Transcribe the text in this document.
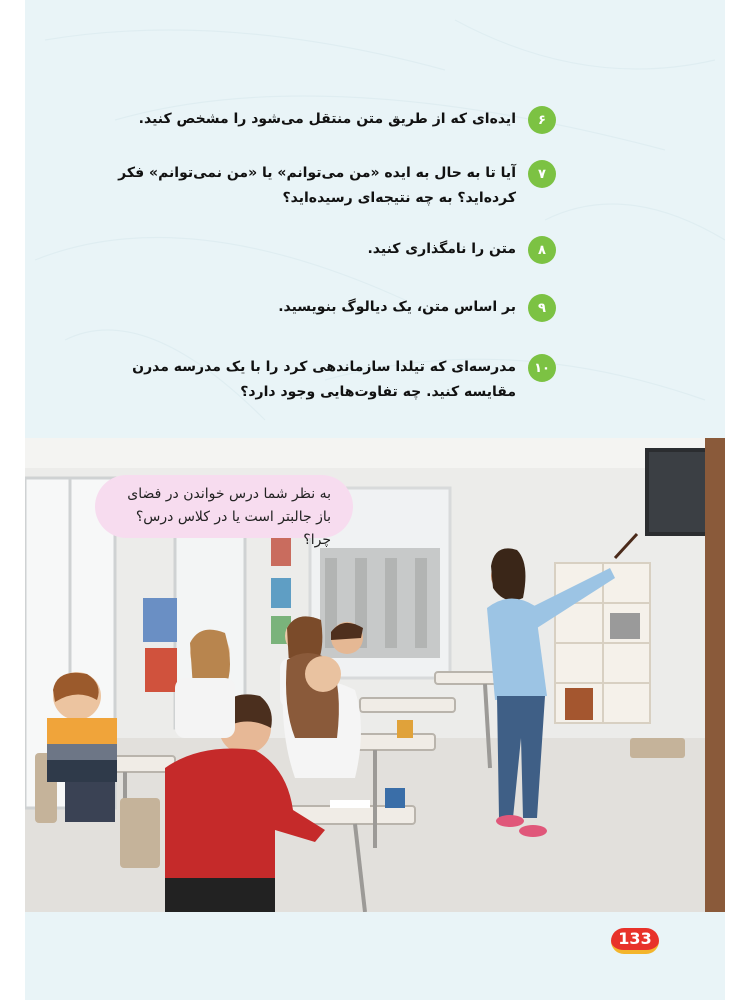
۶
ایده‌ای که از طریق متن منتقل می‌شود را مشخص کنید.
۷
آیا تا به حال به ایده «من می‌توانم» یا «من نمی‌توانم» فکر کرده‌اید؟ به چه نتیجه‌ای رسیده‌اید؟
۸
متن را نامگذاری کنید.
۹
بر اساس متن، یک دیالوگ بنویسید.
۱۰
مدرسه‌ای که تیلدا سازماندهی کرد را با یک مدرسه مدرن مقایسه کنید. چه تفاوت‌هایی وجود دارد؟
به نظر شما درس خواندن در فضای باز جالبتر است یا در کلاس درس؟ چرا؟
133
